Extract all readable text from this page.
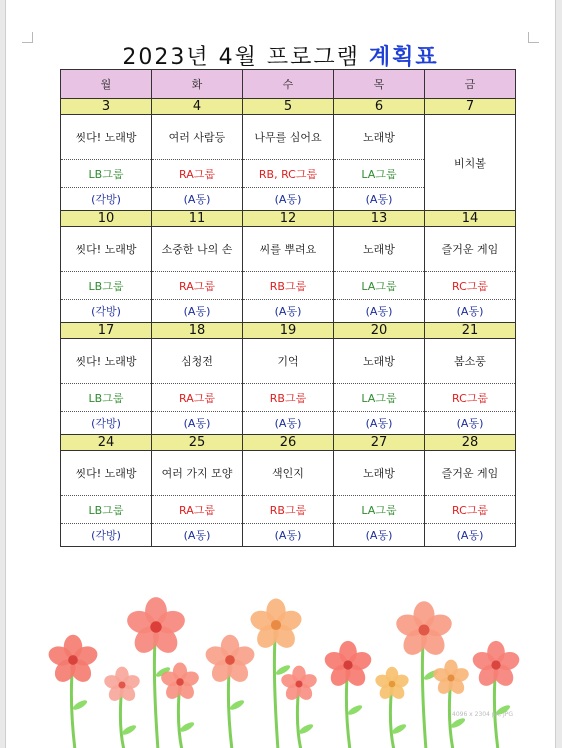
2023년 4월 프로그램 계획표
월	화	수	목	금
3	4	5	6	7
씻다! 노래방	여러 사람등	나무를 심어요	노래방	비치볼
LB그룹	RA그룹	RB, RC그룹	LA그룹	
(각방)	(A동)	(A동)	(A동)	
10	11	12	13	14
씻다! 노래방	소중한 나의 손	씨를 뿌려요	노래방	즐거운 게임
LB그룹	RA그룹	RB그룹	LA그룹	RC그룹
(각방)	(A동)	(A동)	(A동)	(A동)
17	18	19	20	21
씻다! 노래방	심청전	기억	노래방	봄소풍
LB그룹	RA그룹	RB그룹	LA그룹	RC그룹
(각방)	(A동)	(A동)	(A동)	(A동)
24	25	26	27	28
씻다! 노래방	여러 가지 모양	색인지	노래방	즐거운 게임
LB그룹	RA그룹	RB그룹	LA그룹	RC그룹
(각방)	(A동)	(A동)	(A동)	(A동)
4096 x 2304 px, JPG
